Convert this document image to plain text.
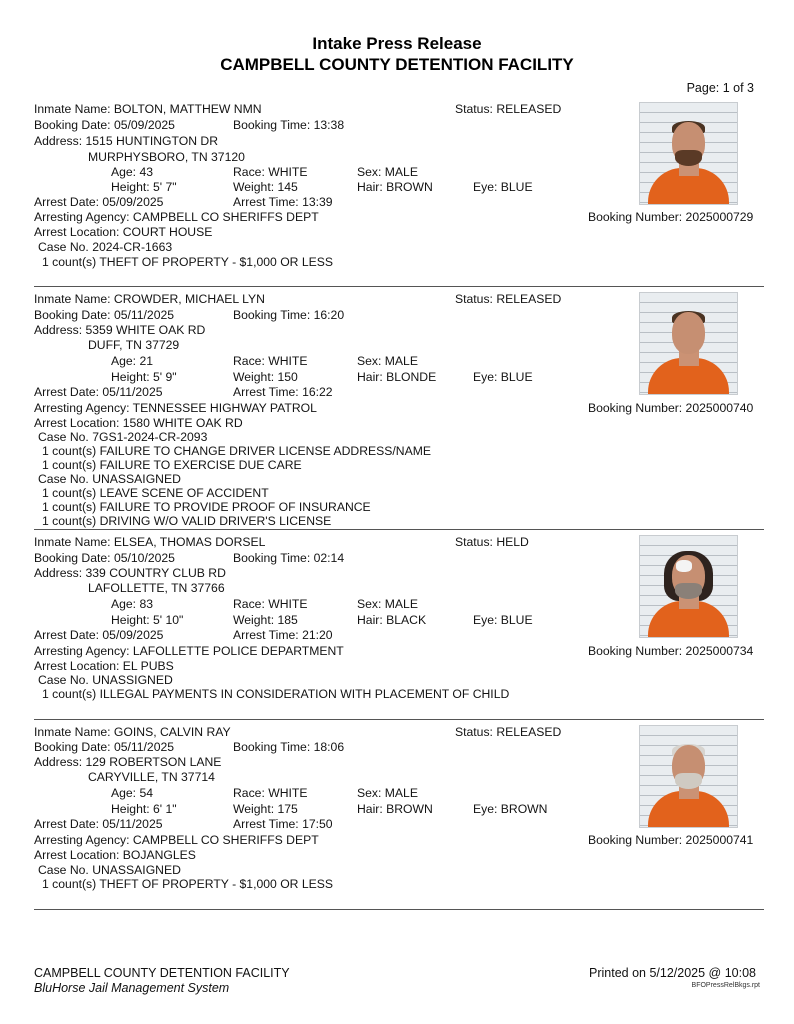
Intake Press Release
CAMPBELL COUNTY DETENTION FACILITY
Page: 1 of 3
Inmate Name: BOLTON, MATTHEW NMN	Status: RELEASED
Booking Date: 05/09/2025	Booking Time: 13:38
Address: 1515 HUNTINGTON DR
MURPHYSBORO, TN 37120
Age: 43	Race: WHITE	Sex: MALE
Height: 5' 7"	Weight: 145	Hair: BROWN	Eye: BLUE
Arrest Date: 05/09/2025	Arrest Time: 13:39
Arresting Agency: CAMPBELL CO SHERIFFS DEPT	Booking Number: 2025000729
Arrest Location: COURT HOUSE
Case No. 2024-CR-1663
1 count(s) THEFT OF PROPERTY - $1,000 OR LESS
Inmate Name: CROWDER, MICHAEL LYN	Status: RELEASED
Booking Date: 05/11/2025	Booking Time: 16:20
Address: 5359 WHITE OAK RD
DUFF, TN 37729
Age: 21	Race: WHITE	Sex: MALE
Height: 5' 9"	Weight: 150	Hair: BLONDE	Eye: BLUE
Arrest Date: 05/11/2025	Arrest Time: 16:22
Arresting Agency: TENNESSEE HIGHWAY PATROL	Booking Number: 2025000740
Arrest Location: 1580 WHITE OAK RD
Case No. 7GS1-2024-CR-2093
1 count(s) FAILURE TO CHANGE DRIVER LICENSE ADDRESS/NAME
1 count(s) FAILURE TO EXERCISE DUE CARE
Case No. UNASSAIGNED
1 count(s) LEAVE SCENE OF ACCIDENT
1 count(s) FAILURE TO PROVIDE PROOF OF INSURANCE
1 count(s) DRIVING W/O VALID DRIVER'S LICENSE
Inmate Name: ELSEA, THOMAS DORSEL	Status: HELD
Booking Date: 05/10/2025	Booking Time: 02:14
Address: 339 COUNTRY CLUB RD
LAFOLLETTE, TN 37766
Age: 83	Race: WHITE	Sex: MALE
Height: 5' 10"	Weight: 185	Hair: BLACK	Eye: BLUE
Arrest Date: 05/09/2025	Arrest Time: 21:20
Arresting Agency: LAFOLLETTE POLICE DEPARTMENT	Booking Number: 2025000734
Arrest Location: EL PUBS
Case No. UNASSIGNED
1 count(s) ILLEGAL PAYMENTS IN CONSIDERATION WITH PLACEMENT OF CHILD
Inmate Name: GOINS, CALVIN RAY	Status: RELEASED
Booking Date: 05/11/2025	Booking Time: 18:06
Address: 129 ROBERTSON LANE
CARYVILLE, TN 37714
Age: 54	Race: WHITE	Sex: MALE
Height: 6' 1"	Weight: 175	Hair: BROWN	Eye: BROWN
Arrest Date: 05/11/2025	Arrest Time: 17:50
Arresting Agency: CAMPBELL CO SHERIFFS DEPT	Booking Number: 2025000741
Arrest Location: BOJANGLES
Case No. UNASSAIGNED
1 count(s) THEFT OF PROPERTY - $1,000 OR LESS
CAMPBELL COUNTY DETENTION FACILITY
BluHorse Jail Management System
Printed on 5/12/2025 @ 10:08
BFOPressRelBkgs.rpt
